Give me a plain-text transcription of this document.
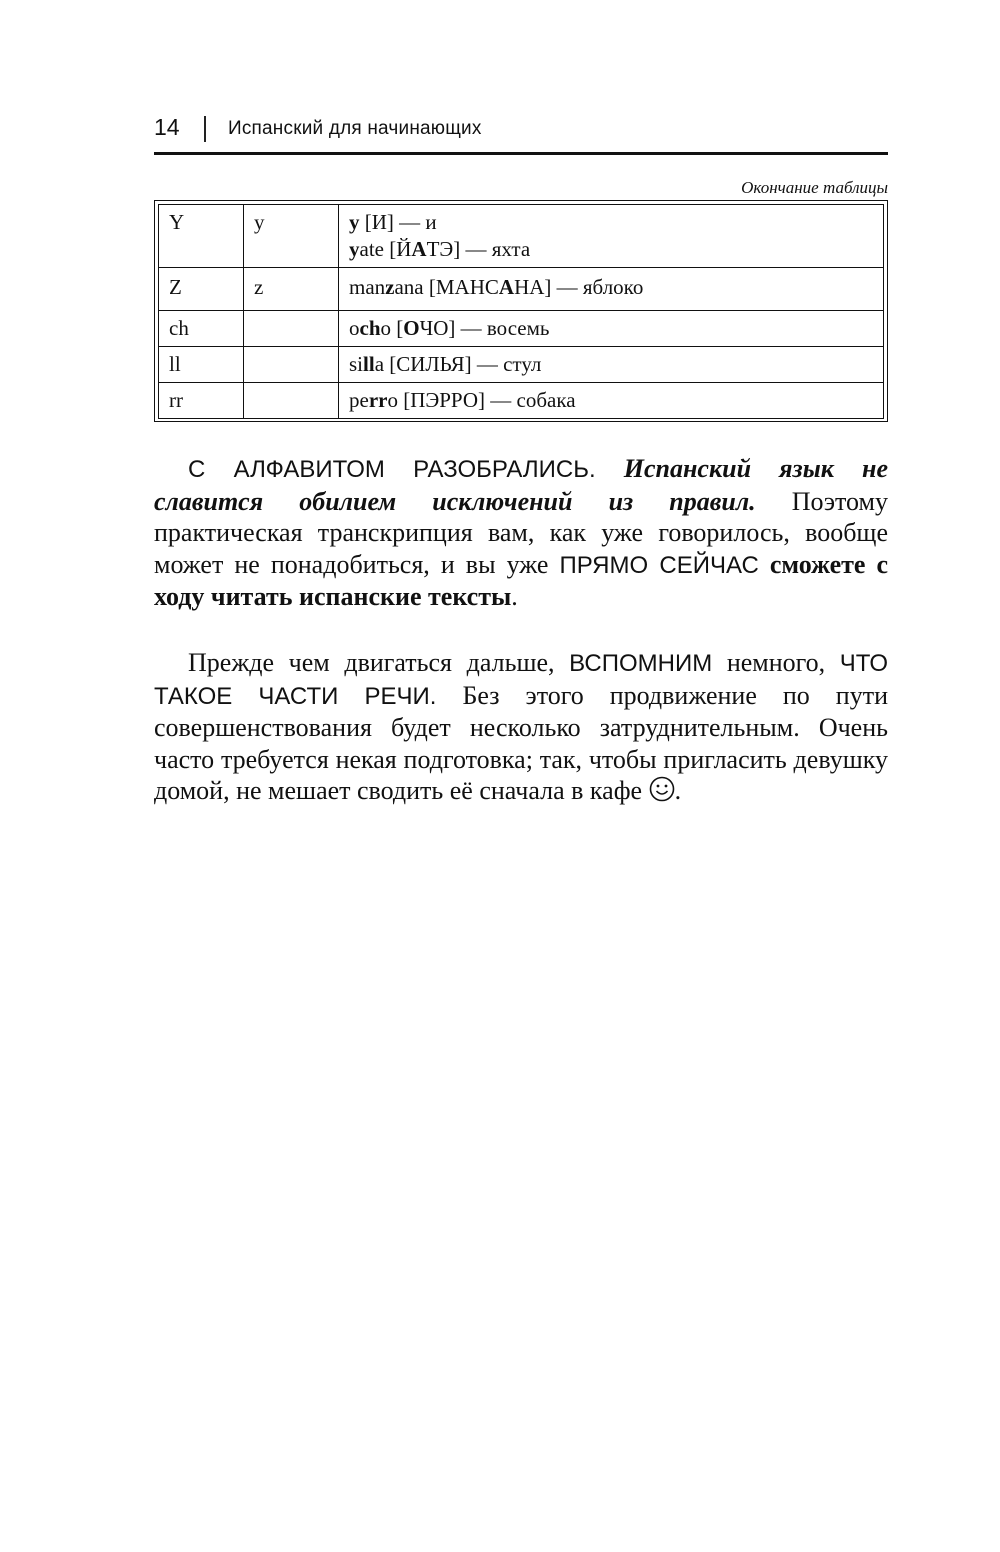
14	Испанский для начинающих
Окончание таблицы
Y	y	y [И] — и
yate [ЙАТЭ] — яхта
Z	z	manzana [МАНСАНА] — яблоко
ch		ocho [ОЧО] — восемь
ll		silla [СИЛЬЯ] — стул
rr		perro [ПЭРРО] — собака
С АЛФАВИТОМ РАЗОБРАЛИСЬ. Испанский язык не славится обилием исключений из правил. Поэтому практическая транскрипция вам, как уже говорилось, вообще может не понадобиться, и вы уже ПРЯМО СЕЙЧАС сможете с ходу читать испанские тексты.
Прежде чем двигаться дальше, ВСПОМНИМ немного, ЧТО ТАКОЕ ЧАСТИ РЕЧИ. Без этого продвижение по пути совершенствования будет несколько затруднительным. Очень часто требуется некая подготовка; так, чтобы пригласить девушку домой, не мешает сводить её сначала в кафе .
